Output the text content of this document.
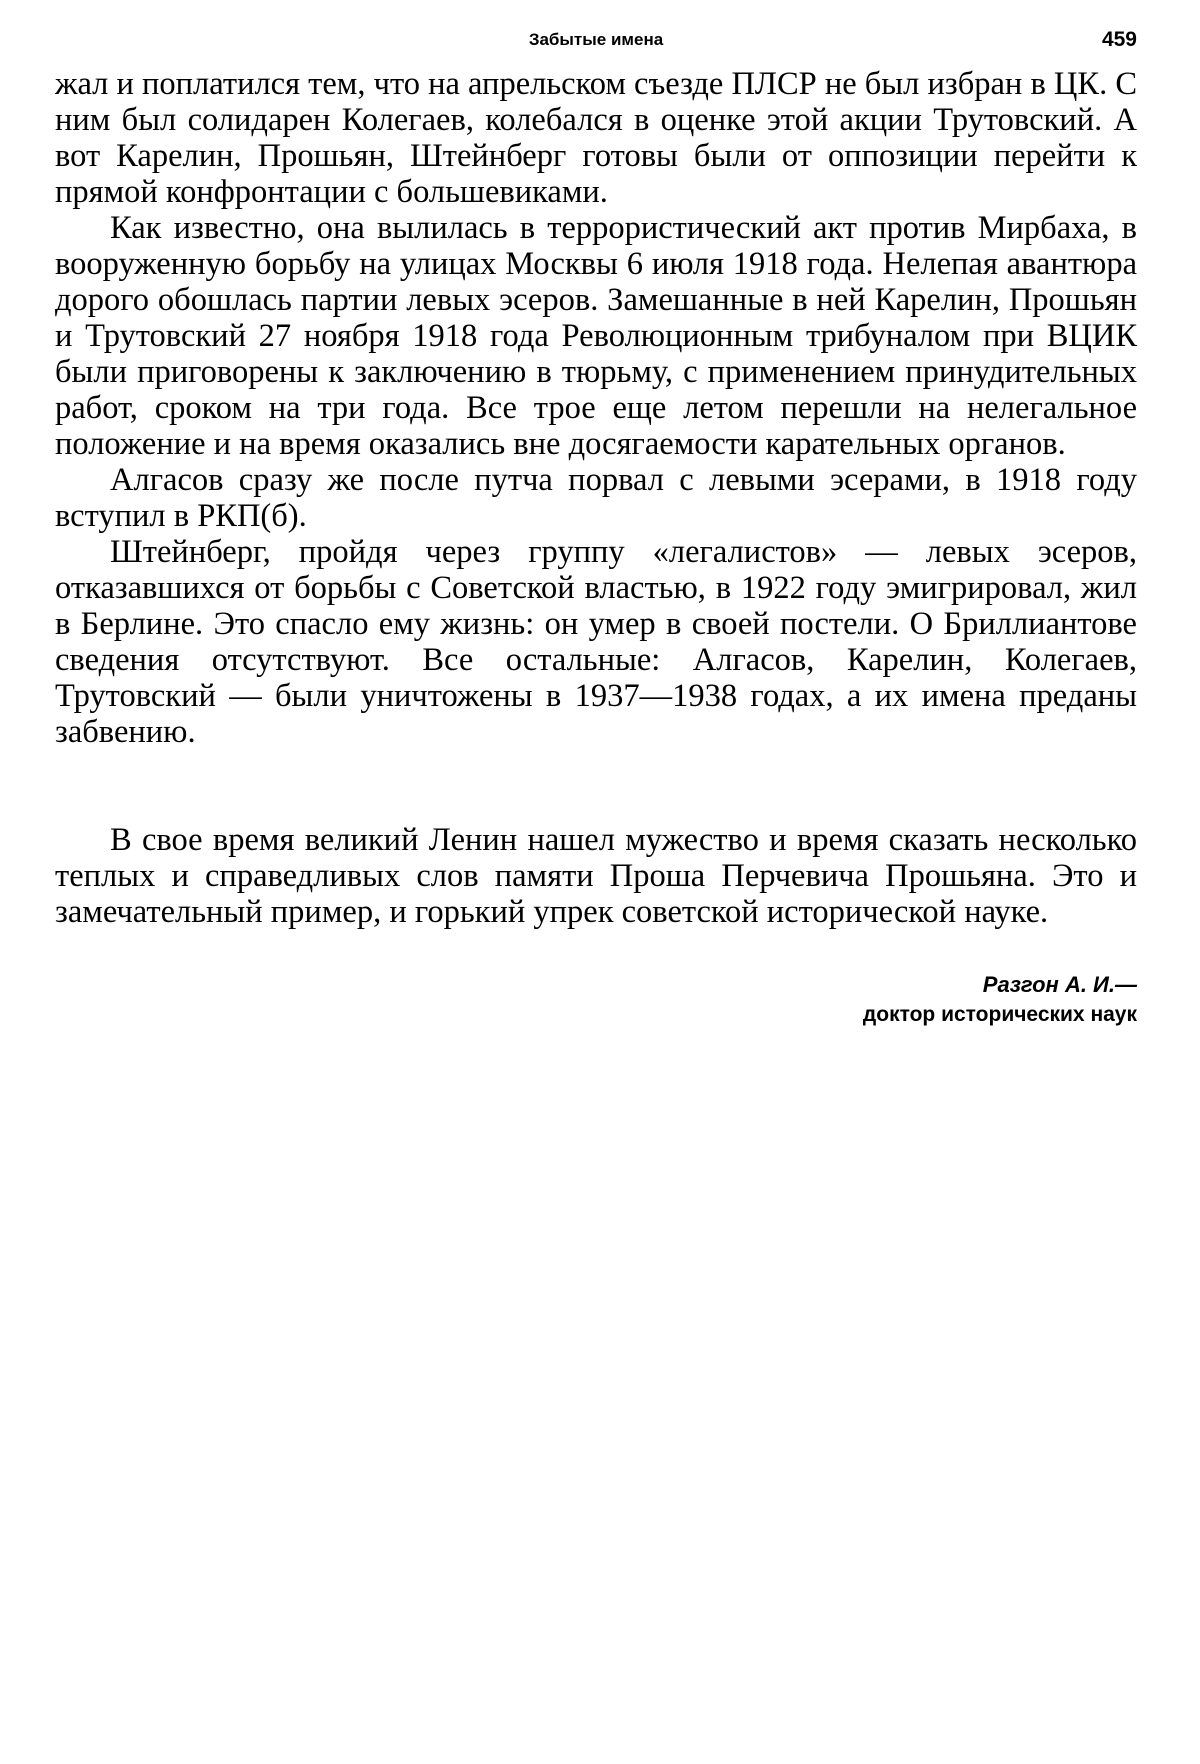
Забытые имена	459

жал и поплатился тем, что на апрельском съезде ПЛСР не был избран в ЦК. С ним был солидарен Колегаев, колебался в оценке этой акции Трутовский. А вот Карелин, Прошьян, Штейнберг готовы были от оппозиции перейти к прямой конфронтации с большевиками.

Как известно, она вылилась в террористический акт против Мирбаха, в вооруженную борьбу на улицах Москвы 6 июля 1918 года. Нелепая авантюра дорого обошлась партии левых эсеров. Замешанные в ней Карелин, Прошьян и Трутовский 27 ноября 1918 года Революционным трибуналом при ВЦИК были приговорены к заключению в тюрьму, с применением принудительных работ, сроком на три года. Все трое еще летом перешли на нелегальное положение и на время оказались вне досягаемости карательных органов.

Алгасов сразу же после путча порвал с левыми эсерами, в 1918 году вступил в РКП(б).

Штейнберг, пройдя через группу «легалистов» — левых эсеров, отказавшихся от борьбы с Советской властью, в 1922 году эмигрировал, жил в Берлине. Это спасло ему жизнь: он умер в своей постели. О Бриллиантове сведения отсутствуют. Все остальные: Алгасов, Карелин, Колегаев, Трутовский — были уничтожены в 1937—1938 годах, а их имена преданы забвению.

В свое время великий Ленин нашел мужество и время сказать несколько теплых и справедливых слов памяти Проша Перчевича Прошьяна. Это и замечательный пример, и горький упрек советской исторической науке.

Разгон А. И.—
доктор исторических наук
